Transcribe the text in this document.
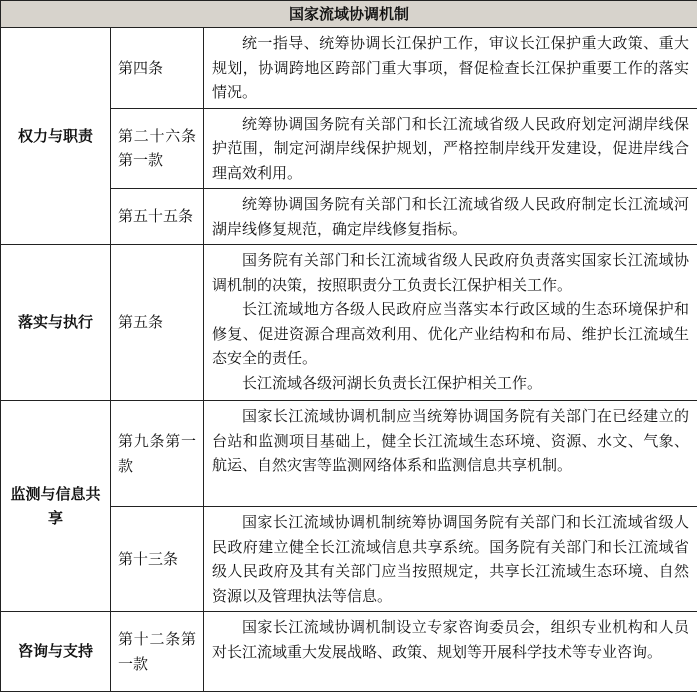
国家流域协调机制		
权力与职责	第四条	统一指导、统筹协调长江保护工作，审议长江保护重大政策、重大规划，协调跨地区跨部门重大事项，督促检查长江保护重要工作的落实情况。

	第二十六条第一款	统筹协调国务院有关部门和长江流域省级人民政府划定河湖岸线保护范围，制定河湖岸线保护规划，严格控制岸线开发建设，促进岸线合理高效利用。

	第五十五条	统筹协调国务院有关部门和长江流域省级人民政府制定长江流域河湖岸线修复规范，确定岸线修复指标。

落实与执行	第五条	国务院有关部门和长江流域省级人民政府负责落实国家长江流域协调机制的决策，按照职责分工负责长江保护相关工作。

长江流域地方各级人民政府应当落实本行政区域的生态环境保护和修复、促进资源合理高效利用、优化产业结构和布局、维护长江流域生态安全的责任。

长江流域各级河湖长负责长江保护相关工作。

监测与信息共享	第九条第一款	国家长江流域协调机制应当统筹协调国务院有关部门在已经建立的台站和监测项目基础上，健全长江流域生态环境、资源、水文、气象、航运、自然灾害等监测网络体系和监测信息共享机制。

	第十三条	国家长江流域协调机制统筹协调国务院有关部门和长江流域省级人民政府建立健全长江流域信息共享系统。国务院有关部门和长江流域省级人民政府及其有关部门应当按照规定，共享长江流域生态环境、自然资源以及管理执法等信息。

咨询与支持	第十二条第一款	国家长江流域协调机制设立专家咨询委员会，组织专业机构和人员对长江流域重大发展战略、政策、规划等开展科学技术等专业咨询。
